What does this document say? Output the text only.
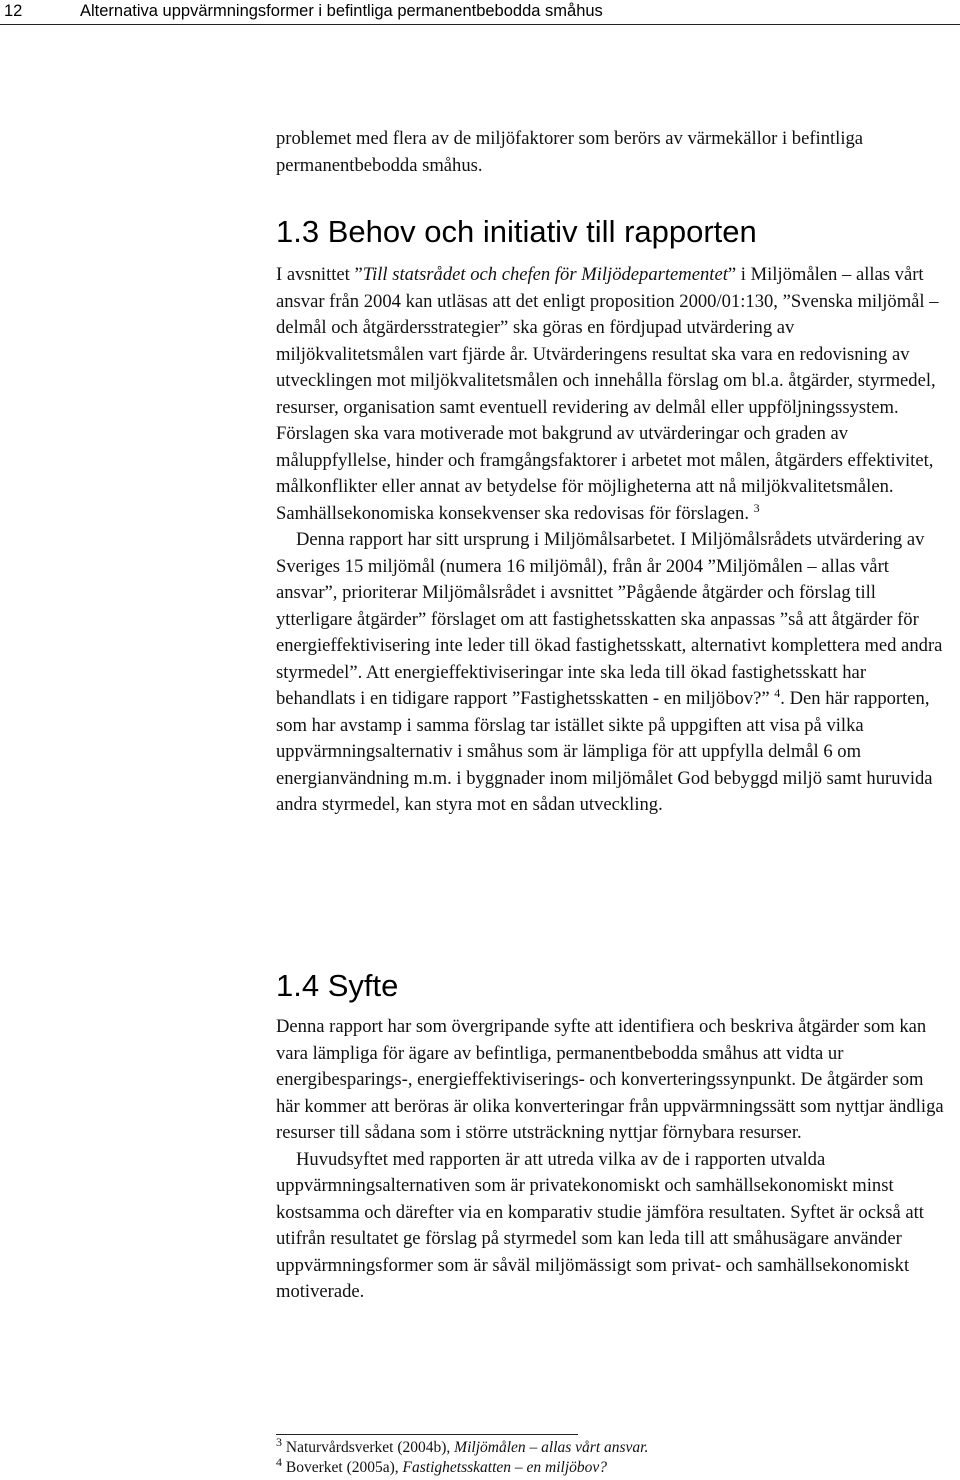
12	Alternativa uppvärmningsformer i befintliga permanentbebodda småhus

problemet med flera av de miljöfaktorer som berörs av värmekällor i befintliga permanentbebodda småhus.

1.3 Behov och initiativ till rapporten

I avsnittet ”Till statsrådet och chefen för Miljödepartementet” i Miljömålen – allas vårt ansvar från 2004 kan utläsas att det enligt proposition 2000/01:130, ”Svenska miljömål – delmål och åtgärdersstrategier” ska göras en fördjupad utvärdering av miljökvalitetsmålen vart fjärde år. Utvärderingens resultat ska vara en redovisning av utvecklingen mot miljökvalitetsmålen och innehålla förslag om bl.a. åtgärder, styrmedel, resurser, organisation samt eventuell revidering av delmål eller uppföljningssystem. Förslagen ska vara motiverade mot bakgrund av utvärderingar och graden av måluppfyllelse, hinder och framgångsfaktorer i arbetet mot målen, åtgärders effektivitet, målkonflikter eller annat av betydelse för möjligheterna att nå miljökvalitetsmålen. Samhällsekonomiska konsekvenser ska redovisas för förslagen. $^3$

Denna rapport har sitt ursprung i Miljömålsarbetet. I Miljömålsrådets utvärdering av Sveriges 15 miljömål (numera 16 miljömål), från år 2004 ”Miljömålen – allas vårt ansvar”, prioriterar Miljömålsrådet i avsnittet ”Pågående åtgärder och förslag till ytterligare åtgärder” förslaget om att fastighetsskatten ska anpassas ”så att åtgärder för energieffektivisering inte leder till ökad fastighetsskatt, alternativt komplettera med andra styrmedel”. Att energieffektiviseringar inte ska leda till ökad fastighetsskatt har behandlats i en tidigare rapport ”Fastighetsskatten - en miljöbov?” $^4$. Den här rapporten, som har avstamp i samma förslag tar istället sikte på uppgiften att visa på vilka uppvärmningsalternativ i småhus som är lämpliga för att uppfylla delmål 6 om energianvändning m.m. i byggnader inom miljömålet God bebyggd miljö samt huruvida andra styrmedel, kan styra mot en sådan utveckling.

1.4 Syfte

Denna rapport har som övergripande syfte att identifiera och beskriva åtgärder som kan vara lämpliga för ägare av befintliga, permanentbebodda småhus att vidta ur energibesparings-, energieffektiviserings- och konverteringssynpunkt. De åtgärder som här kommer att beröras är olika konverteringar från uppvärmningssätt som nyttjar ändliga resurser till sådana som i större utsträckning nyttjar förnybara resurser.

Huvudsyftet med rapporten är att utreda vilka av de i rapporten utvalda uppvärmningsalternativen som är privatekonomiskt och samhällsekonomiskt minst kostsamma och därefter via en komparativ studie jämföra resultaten. Syftet är också att utifrån resultatet ge förslag på styrmedel som kan leda till att småhusägare använder uppvärmningsformer som är såväl miljömässigt som privat- och samhällsekonomiskt motiverade.

$^3$ Naturvårdsverket (2004b), Miljömålen – allas vårt ansvar.
$^4$ Boverket (2005a), Fastighetsskatten – en miljöbov?
